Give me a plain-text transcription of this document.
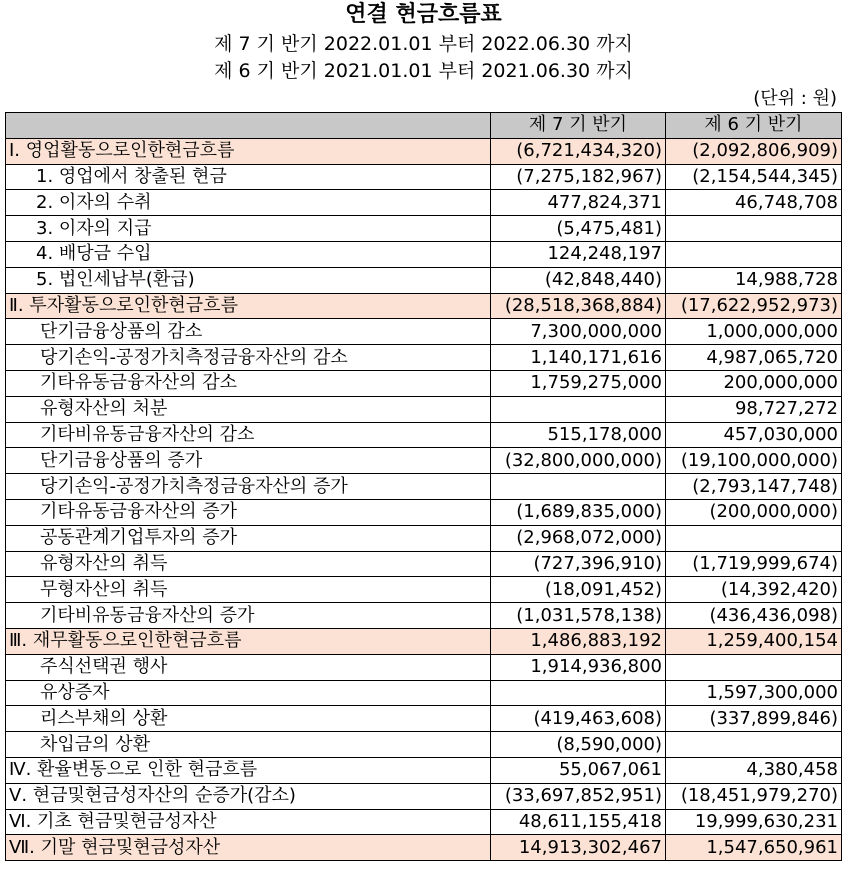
연결 현금흐름표
제 7 기 반기 2022.01.01 부터 2022.06.30 까지
제 6 기 반기 2021.01.01 부터 2021.06.30 까지
(단위 : 원)
	제 7 기 반기	제 6 기 반기
Ⅰ. 영업활동으로인한현금흐름	(6,721,434,320)	(2,092,806,909)
1. 영업에서 창출된 현금	(7,275,182,967)	(2,154,544,345)
2. 이자의 수취	477,824,371	46,748,708
3. 이자의 지급	(5,475,481)	
4. 배당금 수입	124,248,197	
5. 법인세납부(환급)	(42,848,440)	14,988,728
Ⅱ. 투자활동으로인한현금흐름	(28,518,368,884)	(17,622,952,973)
단기금융상품의 감소	7,300,000,000	1,000,000,000
당기손익-공정가치측정금융자산의 감소	1,140,171,616	4,987,065,720
기타유동금융자산의 감소	1,759,275,000	200,000,000
유형자산의 처분		98,727,272
기타비유동금융자산의 감소	515,178,000	457,030,000
단기금융상품의 증가	(32,800,000,000)	(19,100,000,000)
당기손익-공정가치측정금융자산의 증가		(2,793,147,748)
기타유동금융자산의 증가	(1,689,835,000)	(200,000,000)
공동관계기업투자의 증가	(2,968,072,000)	
유형자산의 취득	(727,396,910)	(1,719,999,674)
무형자산의 취득	(18,091,452)	(14,392,420)
기타비유동금융자산의 증가	(1,031,578,138)	(436,436,098)
Ⅲ. 재무활동으로인한현금흐름	1,486,883,192	1,259,400,154
주식선택권 행사	1,914,936,800	
유상증자		1,597,300,000
리스부채의 상환	(419,463,608)	(337,899,846)
차입금의 상환	(8,590,000)	
Ⅳ. 환율변동으로 인한 현금흐름	55,067,061	4,380,458
Ⅴ. 현금및현금성자산의 순증가(감소)	(33,697,852,951)	(18,451,979,270)
Ⅵ. 기초 현금및현금성자산	48,611,155,418	19,999,630,231
Ⅶ. 기말 현금및현금성자산	14,913,302,467	1,547,650,961
